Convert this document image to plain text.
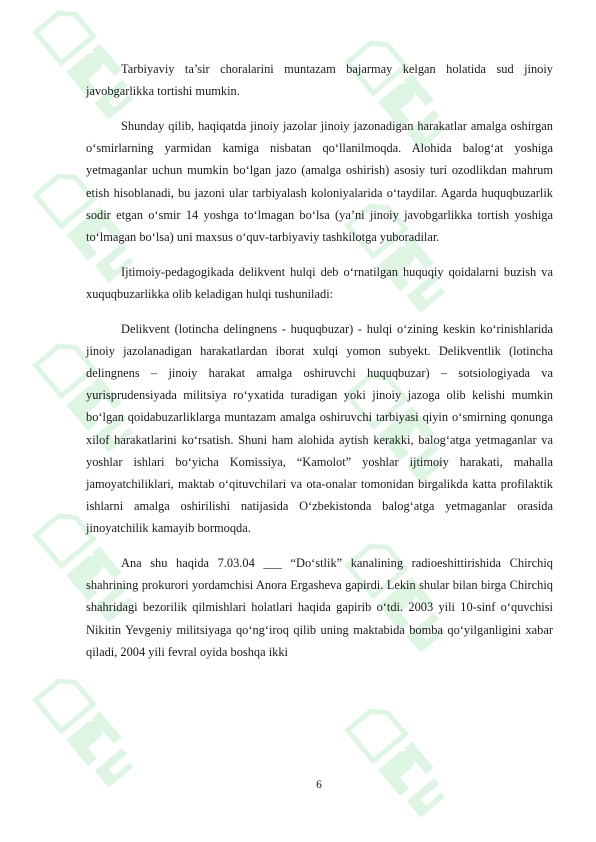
Tarbiyaviy ta’sir choralarini muntazam bajarmay kelgan holatida sud jinoiy javobgarlikka tortishi mumkin.

Shunday qilib, haqiqatda jinoiy jazolar jinoiy jazonadigan harakatlar amalga oshirgan o‘smirlarning yarmidan kamiga nisbatan qo‘llanilmoqda. Alohida balog‘at yoshiga yetmaganlar uchun mumkin bo‘lgan jazo (amalga oshirish) asosiy turi ozodlikdan mahrum etish hisoblanadi, bu jazoni ular tarbiyalash koloniyalarida o‘taydilar. Agarda huquqbuzarlik sodir etgan o‘smir 14 yoshga to‘lmagan bo‘lsa (ya’ni jinoiy javobgarlikka tortish yoshiga to‘lmagan bo‘lsa) uni maxsus o‘quv-tarbiyaviy tashkilotga yuboradilar.

Ijtimoiy-pedagogikada delikvent hulqi deb o‘rnatilgan huquqiy qoidalarni buzish va xuquqbuzarlikka olib keladigan hulqi tushuniladi:

Delikvent (lotincha delingnens - huquqbuzar) - hulqi o‘zining keskin ko‘rinishlarida jinoiy jazolanadigan harakatlardan iborat xulqi yomon subyekt. Delikventlik (lotincha delingnens – jinoiy harakat amalga oshiruvchi huquqbuzar) – sotsiologiyada va yurisprudensiyada militsiya ro‘yxatida turadigan yoki jinoiy jazoga olib kelishi mumkin bo‘lgan qoidabuzarliklarga muntazam amalga oshiruvchi tarbiyasi qiyin o‘smirning qonunga xilof harakatlarini ko‘rsatish. Shuni ham alohida aytish kerakki, balog‘atga yetmaganlar va yoshlar ishlari bo‘yicha Komissiya, “Kamolot” yoshlar ijtimoiy harakati, mahalla jamoyatchiliklari, maktab o‘qituvchilari va ota-onalar tomonidan birgalikda katta profilaktik ishlarni amalga oshirilishi natijasida O‘zbekistonda balog‘atga yetmaganlar orasida jinoyatchilik kamayib bormoqda.

Ana shu haqida 7.03.04 ___ “Do‘stlik” kanalining radioeshittirishida Chirchiq shahrining prokurori yordamchisi Anora Ergasheva gapirdi. Lekin shular bilan birga Chirchiq shahridagi bezorilik qilmishlari holatlari haqida gapirib o‘tdi. 2003 yili 10-sinf o‘quvchisi Nikitin Yevgeniy militsiyaga qo‘ng‘iroq qilib uning maktabida bomba qo‘yilganligini xabar qiladi, 2004 yili fevral oyida boshqa ikki

6
